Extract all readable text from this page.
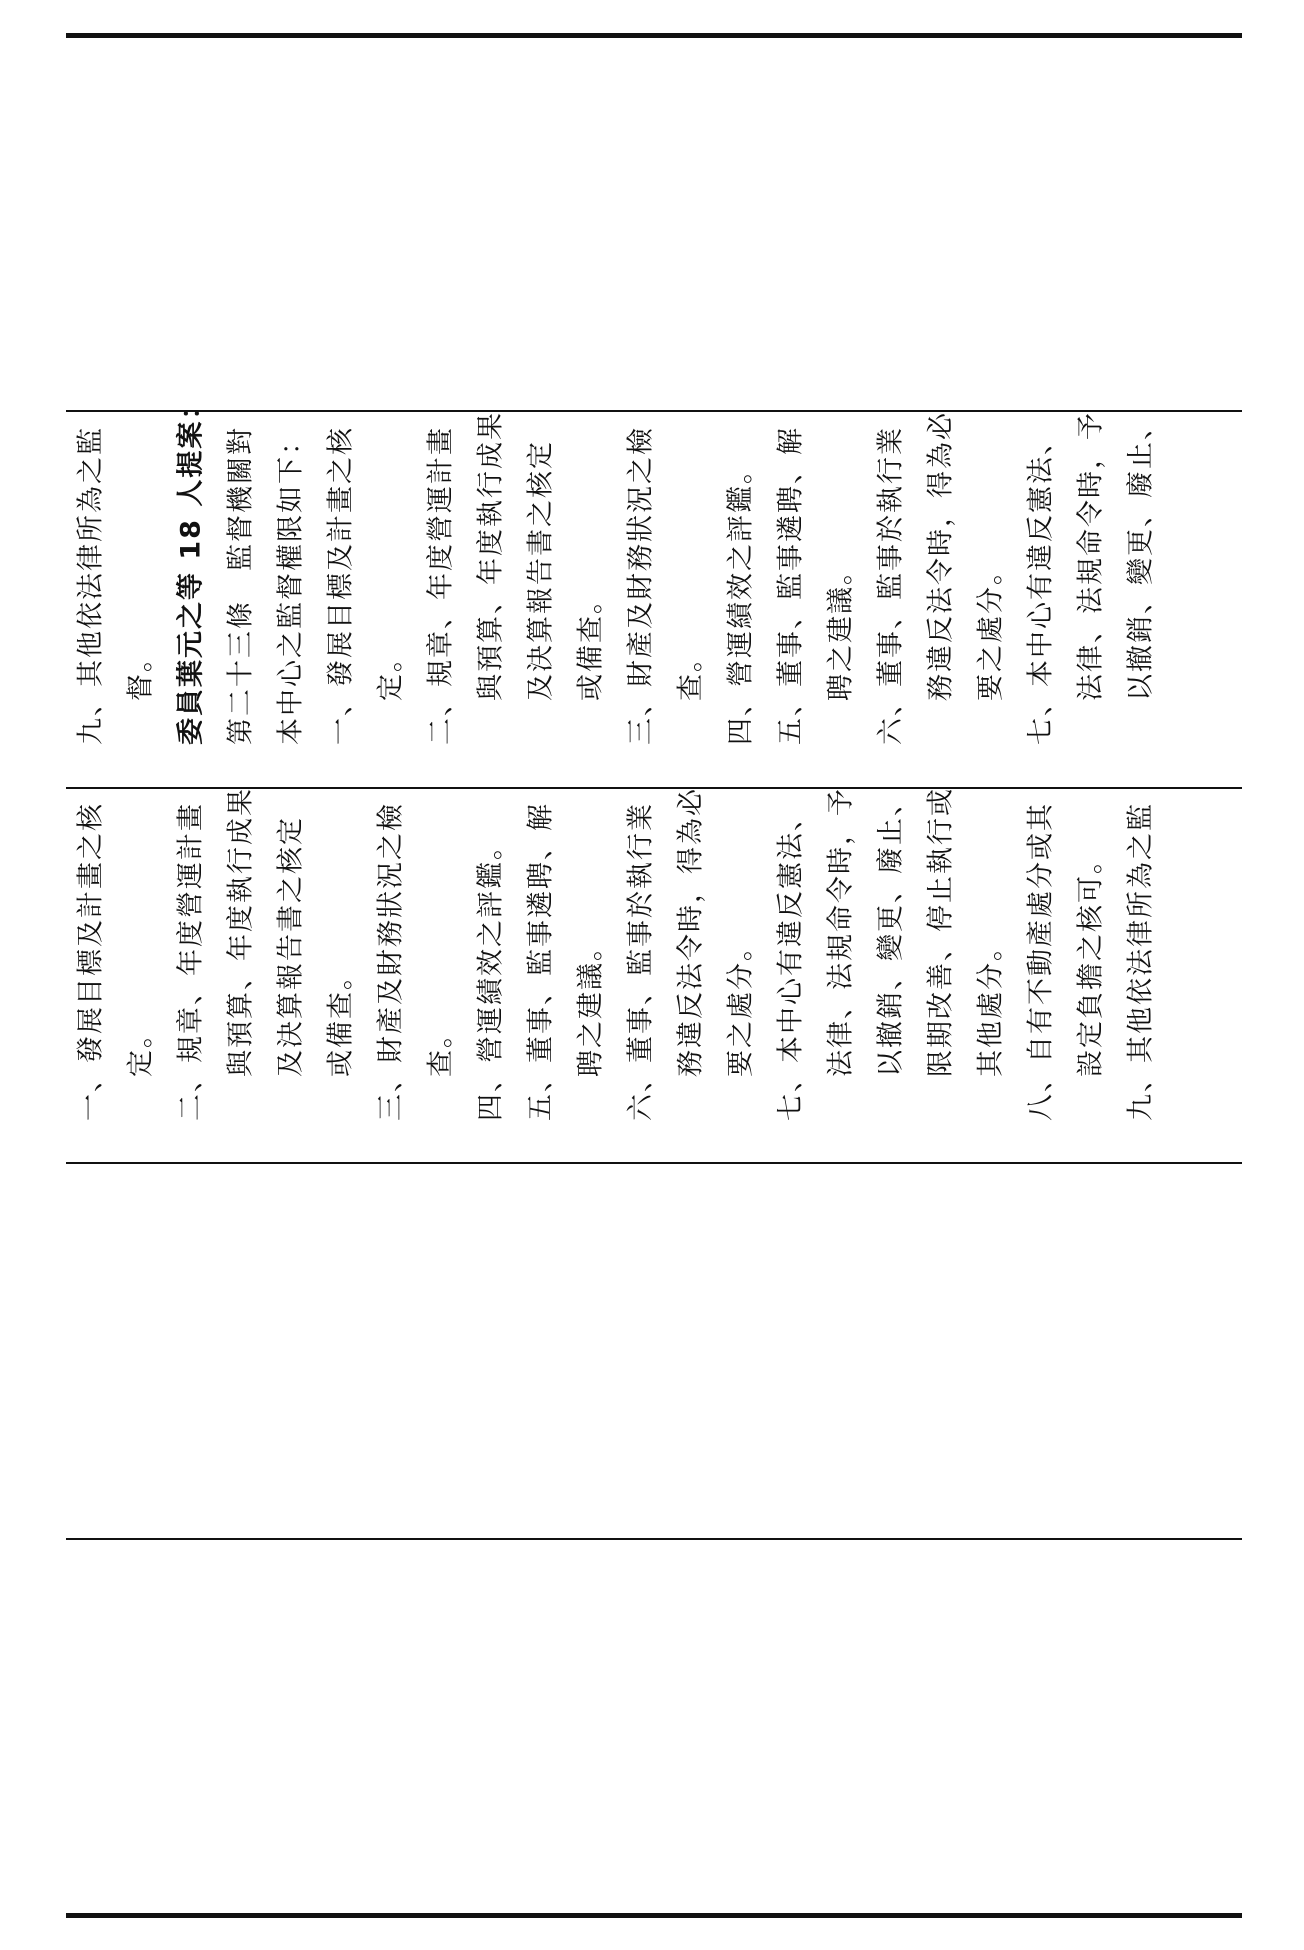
九、其他依法律所為之監 督。 委員葉元之等 18 人提案： 第二十三條　監督機關對 本中心之監督權限如下： 一、發展目標及計畫之核 定。 二、規章、年度營運計畫 與預算、年度執行成果 及決算報告書之核定 或備查。 三、財產及財務狀況之檢 查。 四、營運績效之評鑑。 五、董事、監事遴聘、解 聘之建議。 六、董事、監事於執行業 務違反法令時，得為必 要之處分。 七、本中心有違反憲法、 法律、法規命令時，予 以撤銷、變更、廢止、
一、發展目標及計畫之核 定。 二、規章、年度營運計畫 與預算、年度執行成果 及決算報告書之核定 或備查。 三、財產及財務狀況之檢 查。 四、營運績效之評鑑。 五、董事、監事遴聘、解 聘之建議。 六、董事、監事於執行業 務違反法令時，得為必 要之處分。 七、本中心有違反憲法、 法律、法規命令時，予 以撤銷、變更、廢止、 限期改善、停止執行或 其他處分。 八、自有不動產處分或其 設定負擔之核可。 九、其他依法律所為之監
